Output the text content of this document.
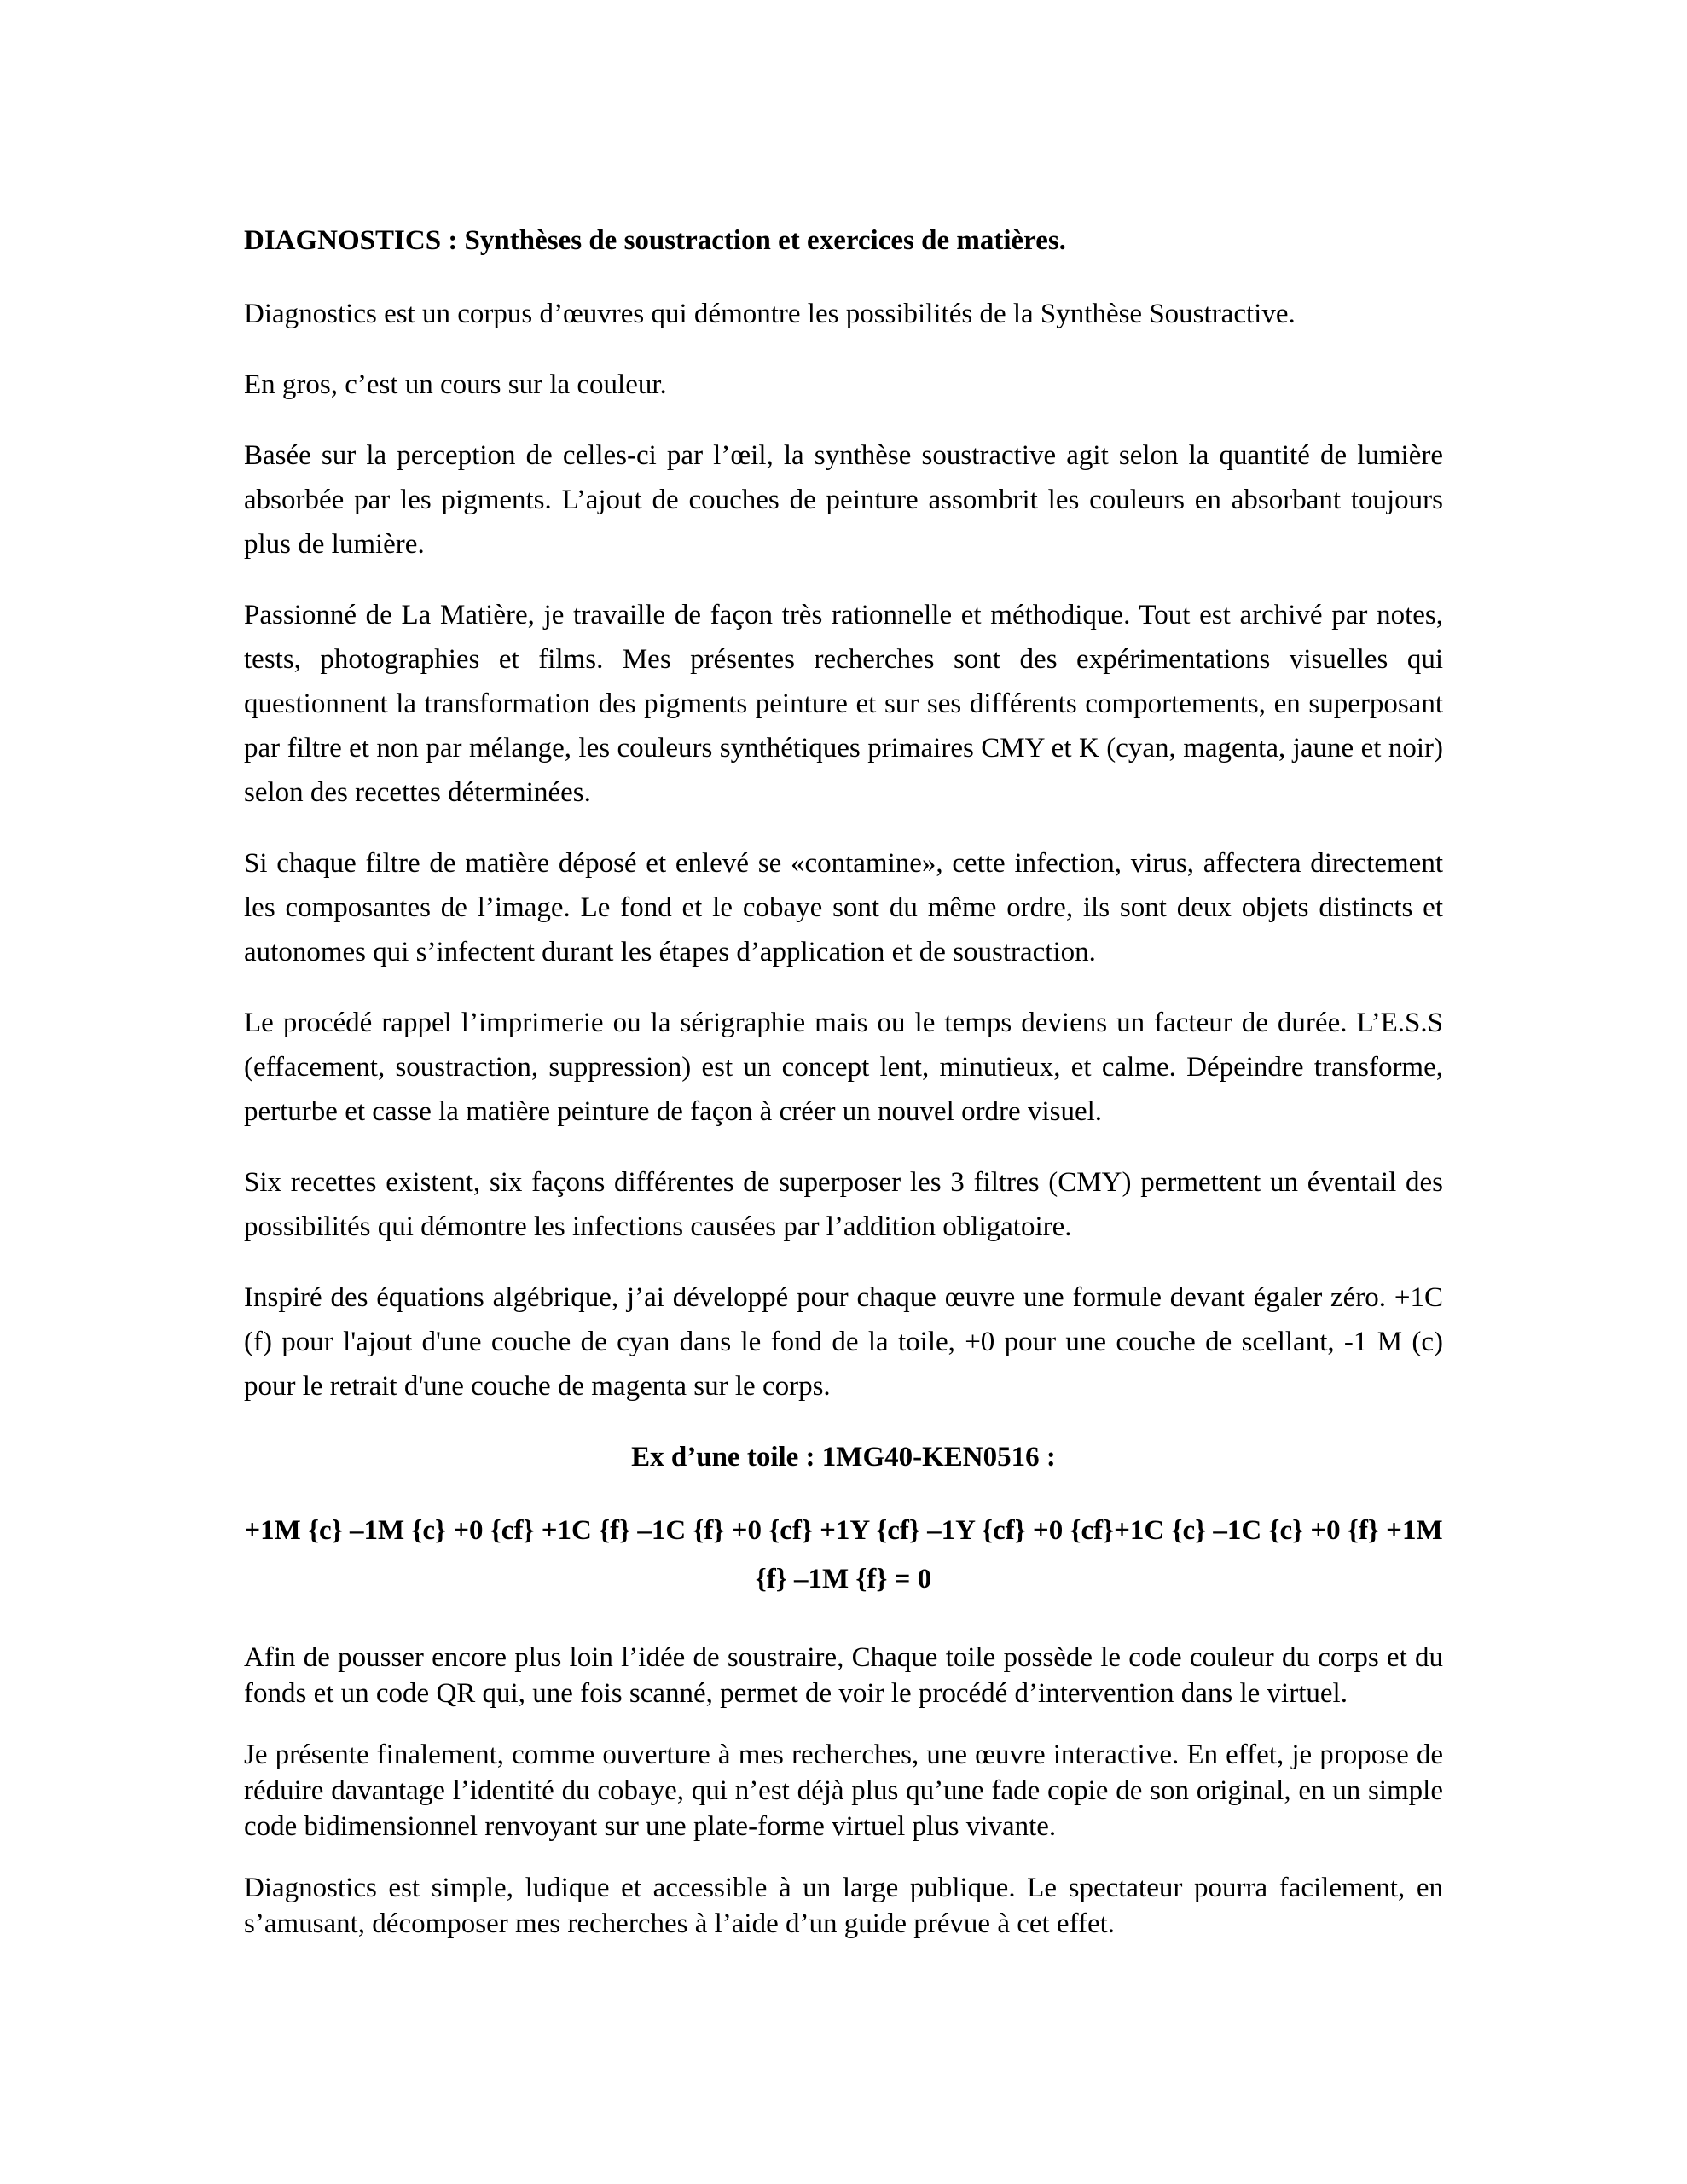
DIAGNOSTICS : Synthèses de soustraction et exercices de matières.

Diagnostics est un corpus d’œuvres qui démontre les possibilités de la Synthèse Soustractive.

En gros, c’est un cours sur la couleur.

Basée sur la perception de celles-ci par l’œil, la synthèse soustractive agit selon la quantité de lumière absorbée par les pigments. L’ajout de couches de peinture assombrit les couleurs en absorbant toujours plus de lumière.

Passionné de La Matière, je travaille de façon très rationnelle et méthodique. Tout est archivé par notes, tests, photographies et films. Mes présentes recherches sont des expérimentations visuelles qui questionnent la transformation des pigments peinture et sur ses différents comportements, en superposant par filtre et non par mélange, les couleurs synthétiques primaires CMY et K (cyan, magenta, jaune et noir) selon des recettes déterminées.

Si chaque filtre de matière déposé et enlevé se «contamine», cette infection, virus, affectera directement les composantes de l’image. Le fond et le cobaye sont du même ordre, ils sont deux objets distincts et autonomes qui s’infectent durant les étapes d’application et de soustraction.

Le procédé rappel l’imprimerie ou la sérigraphie mais ou le temps deviens un facteur de durée. L’E.S.S (effacement, soustraction, suppression) est un concept lent, minutieux, et calme. Dépeindre transforme, perturbe et casse la matière peinture de façon à créer un nouvel ordre visuel.

Six recettes existent, six façons différentes de superposer les 3 filtres (CMY) permettent un éventail des possibilités qui démontre les infections causées par l’addition obligatoire.

Inspiré des équations algébrique, j’ai développé pour chaque œuvre une formule devant égaler zéro. +1C (f) pour l'ajout d'une couche de cyan dans le fond de la toile, +0 pour une couche de scellant, -1 M (c) pour le retrait d'une couche de magenta sur le corps.

Ex d’une toile : 1MG40-KEN0516 :

+1M {c} –1M {c} +0 {cf} +1C {f} –1C {f} +0 {cf} +1Y {cf} –1Y {cf} +0 {cf}+1C {c} –1C {c} +0 {f} +1M
{f} –1M {f} = 0

Afin de pousser encore plus loin l’idée de soustraire, Chaque toile possède le code couleur du corps et du fonds et un code QR qui, une fois scanné, permet de voir le procédé d’intervention dans le virtuel.

Je présente finalement, comme ouverture à mes recherches, une œuvre interactive. En effet, je propose de réduire davantage l’identité du cobaye, qui n’est déjà plus qu’une fade copie de son original, en un simple code bidimensionnel renvoyant sur une plate-forme virtuel plus vivante.

Diagnostics est simple, ludique et accessible à un large publique. Le spectateur pourra facilement, en s’amusant, décomposer mes recherches à l’aide d’un guide prévue à cet effet.
